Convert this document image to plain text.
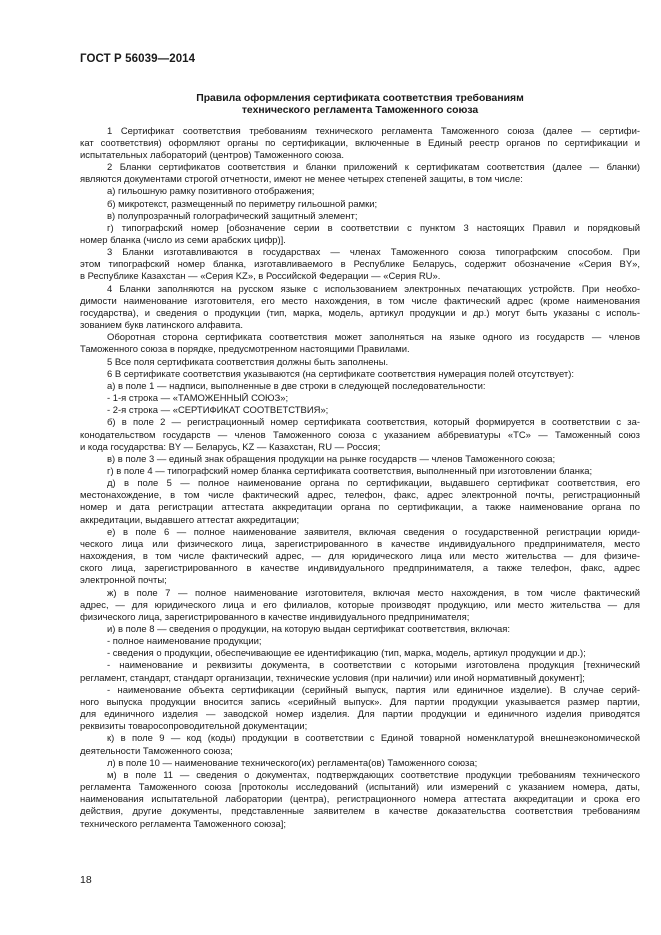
ГОСТ Р 56039—2014
Правила оформления сертификата соответствия требованиям
технического регламента Таможенного союза
1 Сертификат соответствия требованиям технического регламента Таможенного союза (далее — сертифи-
кат соответствия) оформляют органы по сертификации, включенные в Единый реестр органов по сертификации и
испытательных лабораторий (центров) Таможенного союза.
2 Бланки сертификатов соответствия и бланки приложений к сертификатам соответствия (далее — бланки)
являются документами строгой отчетности, имеют не менее четырех степеней защиты, в том числе:
а) гильошную рамку позитивного отображения;
б) микротекст, размещенный по периметру гильошной рамки;
в) полупрозрачный голографический защитный элемент;
г) типографский номер [обозначение серии в соответствии с пунктом 3 настоящих Правил и порядковый
номер бланка (число из семи арабских цифр)].
3 Бланки изготавливаются в государствах — членах Таможенного союза типографским способом. При
этом типографский номер бланка, изготавливаемого в Республике Беларусь, содержит обозначение «Серия BY»,
в Республике Казахстан — «Серия KZ», в Российской Федерации — «Серия RU».
4 Бланки заполняются на русском языке с использованием электронных печатающих устройств. При необхо-
димости наименование изготовителя, его место нахождения, в том числе фактический адрес (кроме наименования
государства), и сведения о продукции (тип, марка, модель, артикул продукции и др.) могут быть указаны с исполь-
зованием букв латинского алфавита.
Оборотная сторона сертификата соответствия может заполняться на языке одного из государств — членов
Таможенного союза в порядке, предусмотренном настоящими Правилами.
5 Все поля сертификата соответствия должны быть заполнены.
6 В сертификате соответствия указываются (на сертификате соответствия нумерация полей отсутствует):
а) в поле 1 — надписи, выполненные в две строки в следующей последовательности:
- 1-я строка — «ТАМОЖЕННЫЙ СОЮЗ»;
- 2-я строка — «СЕРТИФИКАТ СООТВЕТСТВИЯ»;
б) в поле 2 — регистрационный номер сертификата соответствия, который формируется в соответствии с за-
конодательством государств — членов Таможенного союза с указанием аббревиатуры «ТС» — Таможенный союз
и кода государства: BY — Беларусь, KZ — Казахстан, RU — Россия;
в) в поле 3 — единый знак обращения продукции на рынке государств — членов Таможенного союза;
г) в поле 4 — типографский номер бланка сертификата соответствия, выполненный при изготовлении бланка;
д) в поле 5 — полное наименование органа по сертификации, выдавшего сертификат соответствия, его
местонахождение, в том числе фактический адрес, телефон, факс, адрес электронной почты, регистрационный
номер и дата регистрации аттестата аккредитации органа по сертификации, а также наименование органа по
аккредитации, выдавшего аттестат аккредитации;
е) в поле 6 — полное наименование заявителя, включая сведения о государственной регистрации юриди-
ческого лица или физического лица, зарегистрированного в качестве индивидуального предпринимателя, место
нахождения, в том числе фактический адрес, — для юридического лица или место жительства — для физиче-
ского лица, зарегистрированного в качестве индивидуального предпринимателя, а также телефон, факс, адрес
электронной почты;
ж) в поле 7 — полное наименование изготовителя, включая место нахождения, в том числе фактический
адрес, — для юридического лица и его филиалов, которые производят продукцию, или место жительства — для
физического лица, зарегистрированного в качестве индивидуального предпринимателя;
и) в поле 8 — сведения о продукции, на которую выдан сертификат соответствия, включая:
- полное наименование продукции;
- сведения о продукции, обеспечивающие ее идентификацию (тип, марка, модель, артикул продукции и др.);
- наименование и реквизиты документа, в соответствии с которыми изготовлена продукция [технический
регламент, стандарт, стандарт организации, технические условия (при наличии) или иной нормативный документ];
- наименование объекта сертификации (серийный выпуск, партия или единичное изделие). В случае серий-
ного выпуска продукции вносится запись «серийный выпуск». Для партии продукции указывается размер партии,
для единичного изделия — заводской номер изделия. Для партии продукции и единичного изделия приводятся
реквизиты товаросопроводительной документации;
к) в поле 9 — код (коды) продукции в соответствии с Единой товарной номенклатурой внешнеэкономической
деятельности Таможенного союза;
л) в поле 10 — наименование технического(их) регламента(ов) Таможенного союза;
м) в поле 11 — сведения о документах, подтверждающих соответствие продукции требованиям технического
регламента Таможенного союза [протоколы исследований (испытаний) или измерений с указанием номера, даты,
наименования испытательной лаборатории (центра), регистрационного номера аттестата аккредитации и срока его
действия, другие документы, представленные заявителем в качестве доказательства соответствия требованиям
технического регламента Таможенного союза];
18
